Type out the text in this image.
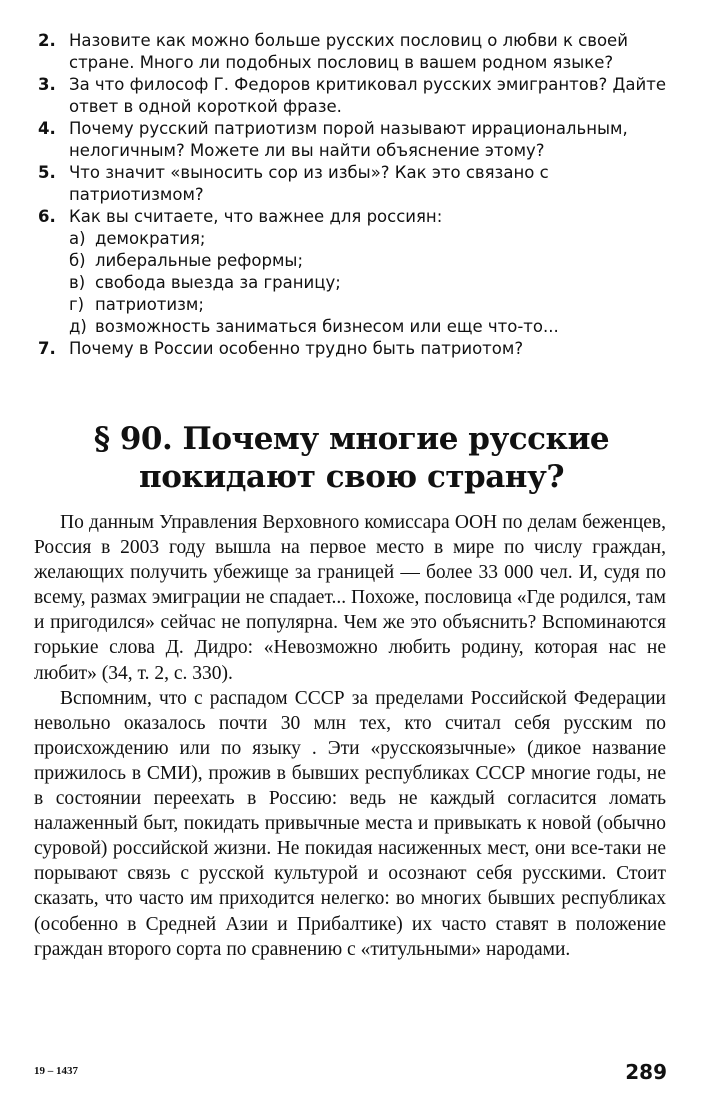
2. Назовите как можно больше русских пословиц о любви к своей стране. Много ли подобных пословиц в вашем родном языке?
3. За что философ Г. Федоров критиковал русских эмигрантов? Дайте ответ в одной короткой фразе.
4. Почему русский патриотизм порой называют иррациональным, нелогичным? Можете ли вы найти объяснение этому?
5. Что значит «выносить сор из избы»? Как это связано с патриотизмом?
6. Как вы считаете, что важнее для россиян:
а) демократия;
б) либеральные реформы;
в) свобода выезда за границу;
г) патриотизм;
д) возможность заниматься бизнесом или еще что-то...
7. Почему в России особенно трудно быть патриотом?
§ 90. Почему многие русские
покидают свою страну?

По данным Управления Верховного комиссара ООН по делам беженцев, Россия в 2003 году вышла на первое место в мире по числу граждан, желающих получить убежище за границей — более 33 000 чел. И, судя по всему, размах эмиграции не спадает... Похоже, пословица «Где родился, там и пригодился» сейчас не популярна. Чем же это объяснить? Вспоминаются горькие слова Д. Дидро: «Невозможно любить родину, которая нас не любит» (34, т. 2, с. 330).

Вспомним, что с распадом СССР за пределами Российской Федерации невольно оказалось почти 30 млн тех, кто считал себя русским по происхождению или по языку . Эти «русскоязычные» (дикое название прижилось в СМИ), прожив в бывших республиках СССР многие годы, не в состоянии переехать в Россию: ведь не каждый согласится ломать налаженный быт, покидать привычные места и привыкать к новой (обычно суровой) российской жизни. Не покидая насиженных мест, они все-таки не порывают связь с русской культурой и осознают себя русскими. Стоит сказать, что часто им приходится нелегко: во многих бывших республиках (особенно в Средней Азии и Прибалтике) их часто ставят в положение граждан второго сорта по сравнению с «титульными» народами.

19 – 1437	289
